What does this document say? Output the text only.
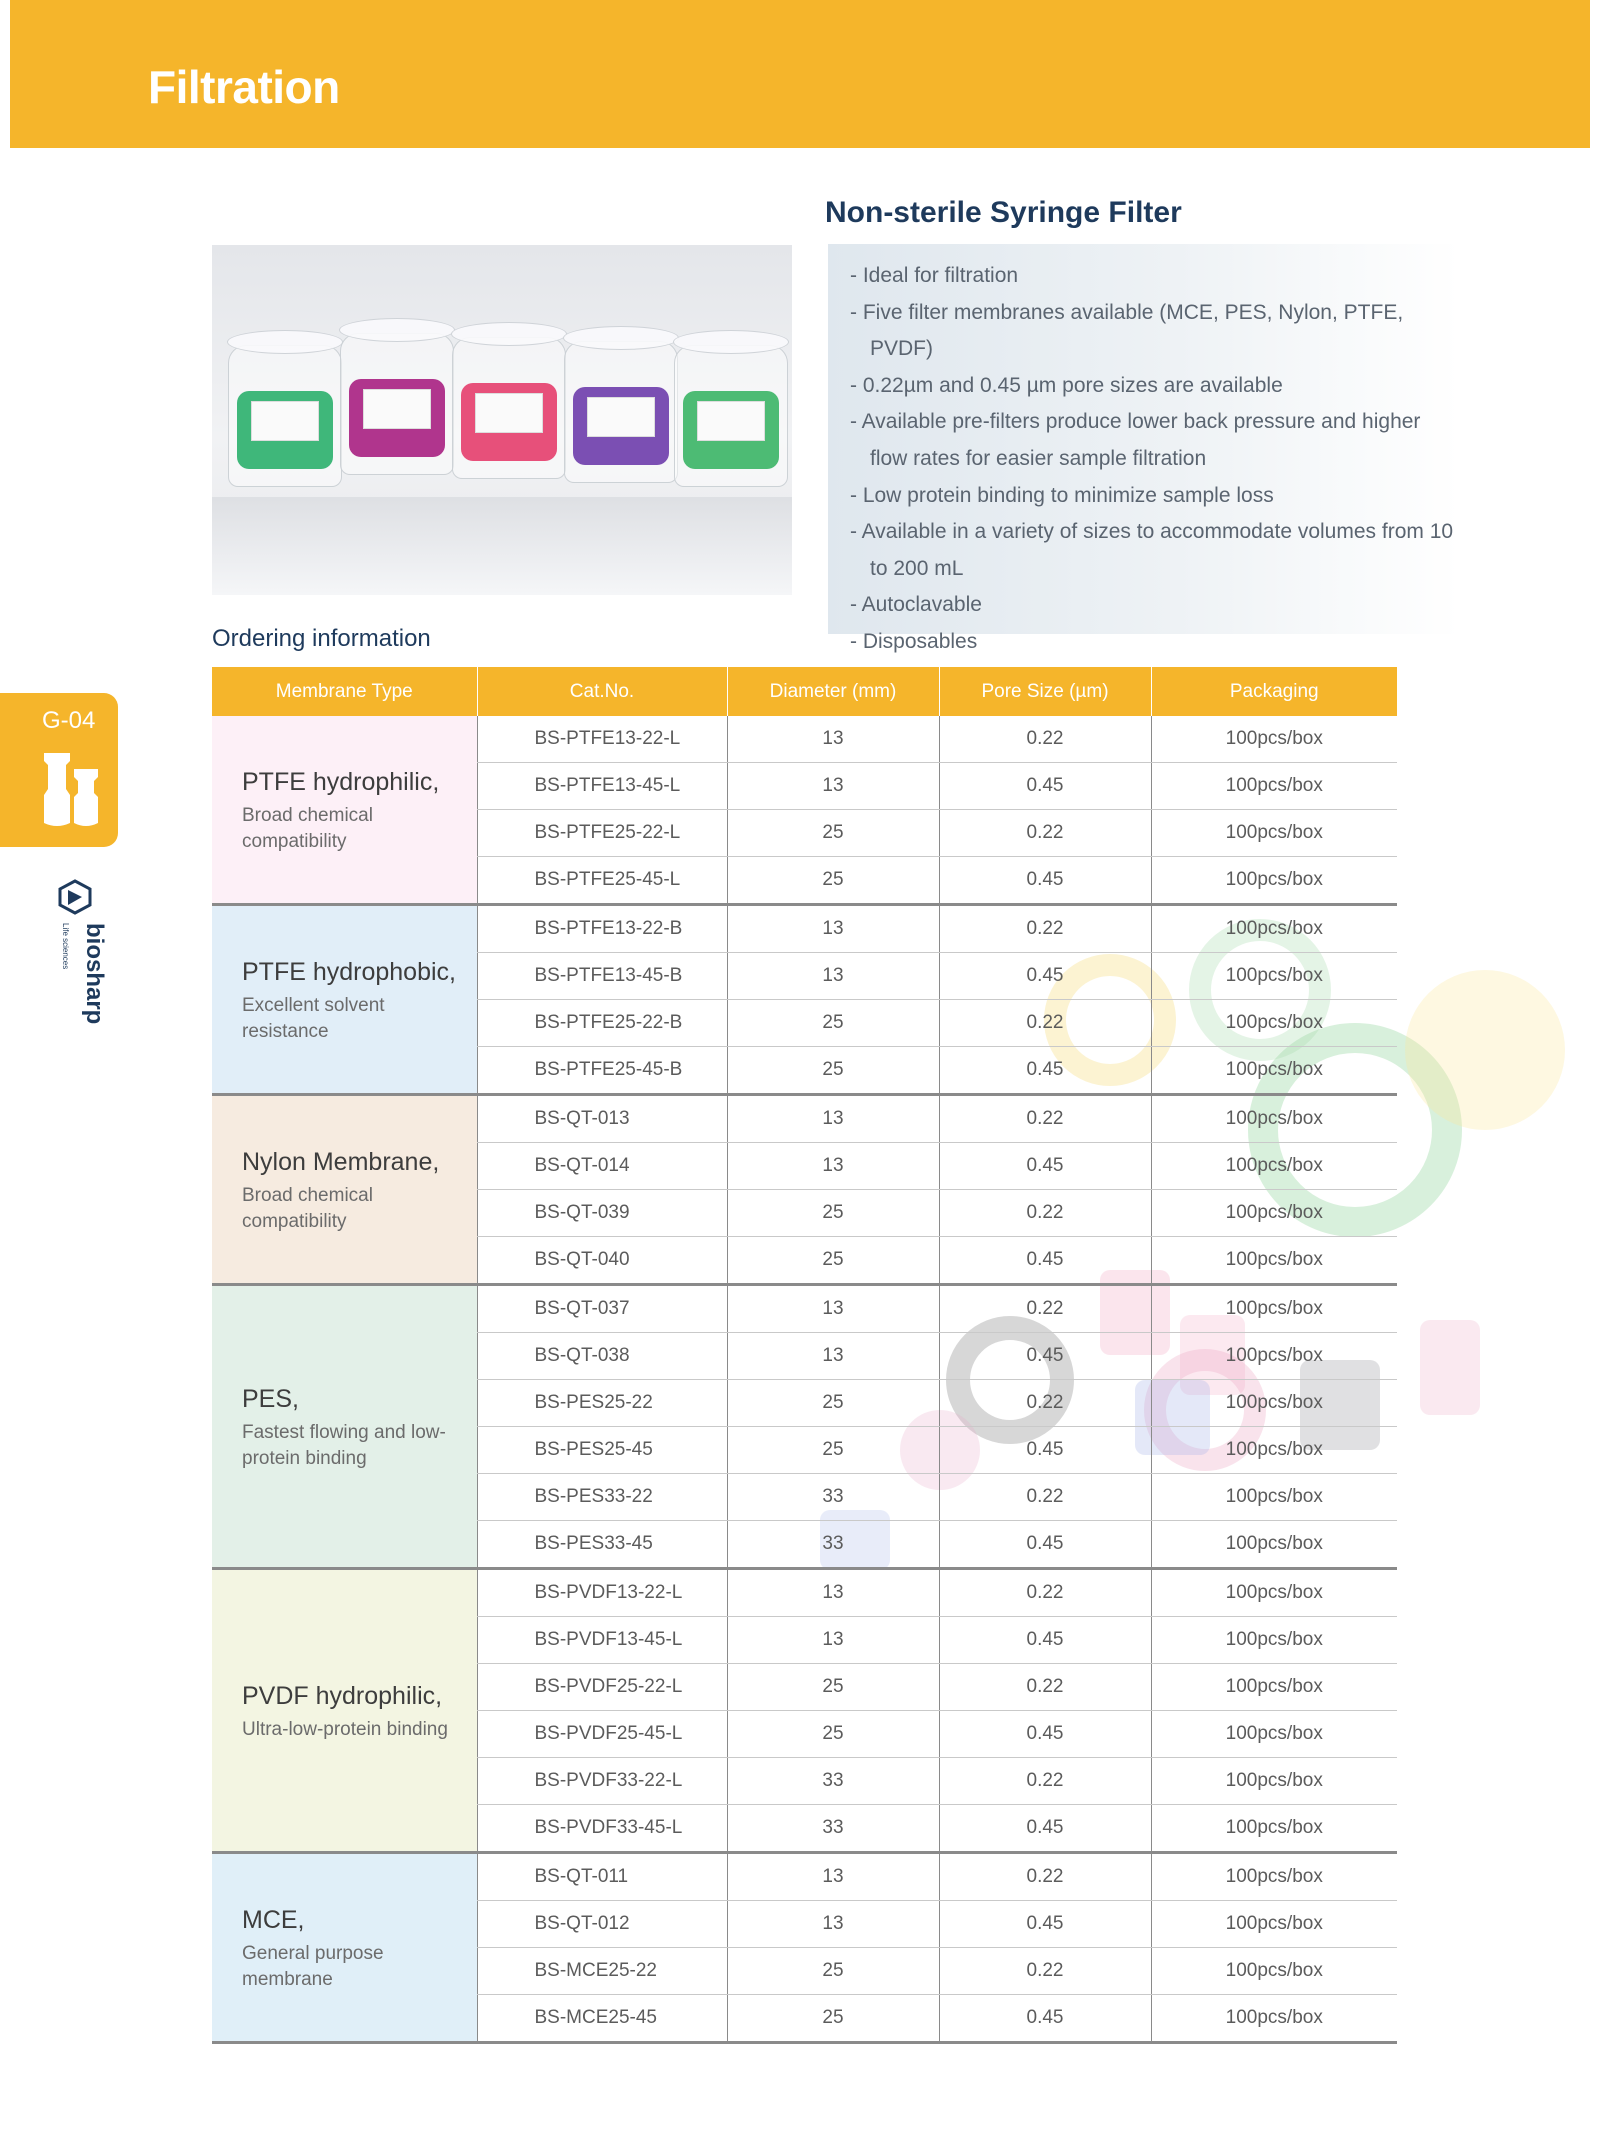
Filtration
Non-sterile Syringe Filter
- Ideal for filtration
- Five filter membranes available (MCE, PES, Nylon, PTFE, PVDF)
- 0.22µm and 0.45 µm pore sizes are available
- Available pre-filters produce lower back pressure and higher flow rates for easier sample filtration
- Low protein binding to minimize sample loss
- Available in a variety of sizes to accommodate volumes from 10 to 200 mL
- Autoclavable
- Disposables
Ordering information
G-04
biosharp
Life sciences
Membrane Type	Cat.No.	Diameter (mm)	Pore Size (µm)	Packaging

PTFE hydrophilic,
Broad chemical compatibility	BS-PTFE13-22-L	13	0.22	100pcs/box
	BS-PTFE13-45-L	13	0.45	100pcs/box
	BS-PTFE25-22-L	25	0.22	100pcs/box
	BS-PTFE25-45-L	25	0.45	100pcs/box

PTFE hydrophobic,
Excellent solvent resistance	BS-PTFE13-22-B	13	0.22	100pcs/box
	BS-PTFE13-45-B	13	0.45	100pcs/box
	BS-PTFE25-22-B	25	0.22	100pcs/box
	BS-PTFE25-45-B	25	0.45	100pcs/box

Nylon Membrane,
Broad chemical compatibility	BS-QT-013	13	0.22	100pcs/box
	BS-QT-014	13	0.45	100pcs/box
	BS-QT-039	25	0.22	100pcs/box
	BS-QT-040	25	0.45	100pcs/box

PES,
Fastest flowing and low-protein binding	BS-QT-037	13	0.22	100pcs/box
	BS-QT-038	13	0.45	100pcs/box
	BS-PES25-22	25	0.22	100pcs/box
	BS-PES25-45	25	0.45	100pcs/box
	BS-PES33-22	33	0.22	100pcs/box
	BS-PES33-45	33	0.45	100pcs/box

PVDF hydrophilic,
Ultra-low-protein binding	BS-PVDF13-22-L	13	0.22	100pcs/box
	BS-PVDF13-45-L	13	0.45	100pcs/box
	BS-PVDF25-22-L	25	0.22	100pcs/box
	BS-PVDF25-45-L	25	0.45	100pcs/box
	BS-PVDF33-22-L	33	0.22	100pcs/box
	BS-PVDF33-45-L	33	0.45	100pcs/box

MCE,
General purpose membrane	BS-QT-011	13	0.22	100pcs/box
	BS-QT-012	13	0.45	100pcs/box
	BS-MCE25-22	25	0.22	100pcs/box
	BS-MCE25-45	25	0.45	100pcs/box
